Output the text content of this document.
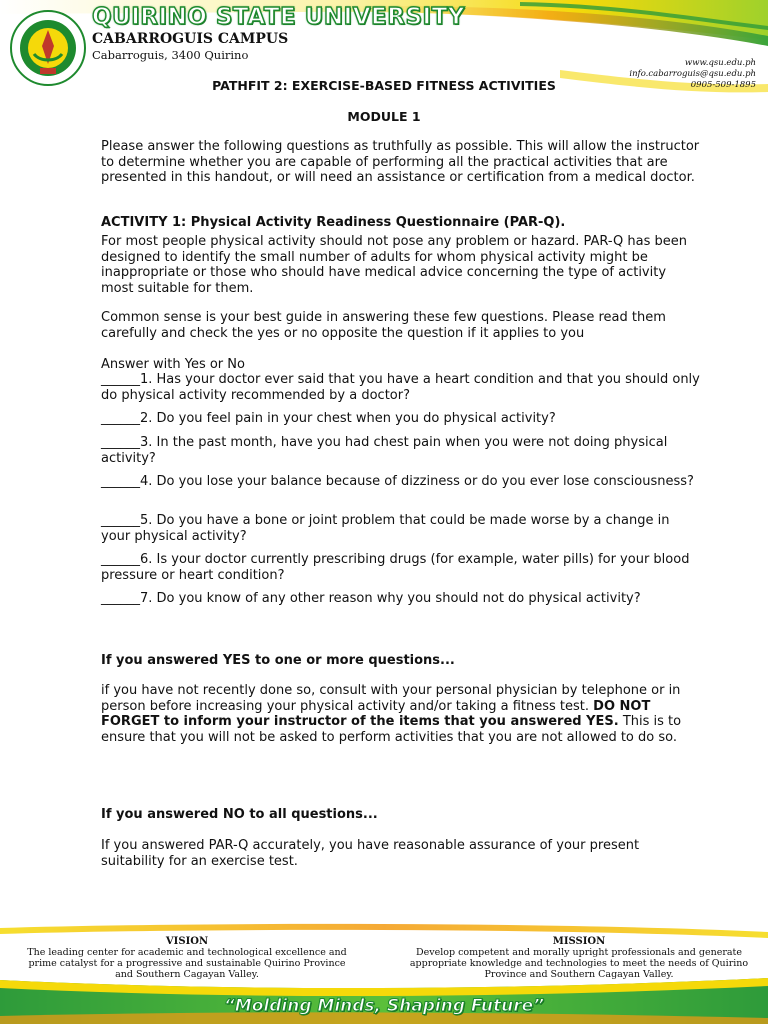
QUIRINO STATE UNIVERSITY
CABARROGUIS CAMPUS
Cabarroguis, 3400 Quirino
www.qsu.edu.ph
info.cabarroguis@qsu.edu.ph
0905-509-1895
PATHFIT 2: EXERCISE-BASED FITNESS ACTIVITIES
MODULE 1

Please answer the following questions as truthfully as possible. This will allow the instructor to determine whether you are capable of performing all the practical activities that are presented in this handout, or will need an assistance or certification from a medical doctor.

ACTIVITY 1: Physical Activity Readiness Questionnaire (PAR-Q).

For most people physical activity should not pose any problem or hazard. PAR-Q has been designed to identify the small number of adults for whom physical activity might be inappropriate or those who should have medical advice concerning the type of activity most suitable for them.

Common sense is your best guide in answering these few questions. Please read them carefully and check the yes or no opposite the question if it applies to you

Answer with Yes or No

______1. Has your doctor ever said that you have a heart condition and that you should only do physical activity recommended by a doctor?
______2. Do you feel pain in your chest when you do physical activity?
______3. In the past month, have you had chest pain when you were not doing physical activity?
______4. Do you lose your balance because of dizziness or do you ever lose consciousness?
______5. Do you have a bone or joint problem that could be made worse by a change in your physical activity?
______6. Is your doctor currently prescribing drugs (for example, water pills) for your blood pressure or heart condition?
______7. Do you know of any other reason why you should not do physical activity?

If you answered YES to one or more questions...

if you have not recently done so, consult with your personal physician by telephone or in person before increasing your physical activity and/or taking a fitness test. DO NOT FORGET to inform your instructor of the items that you answered YES. This is to ensure that you will not be asked to perform activities that you are not allowed to do so.

If you answered NO to all questions...

If you answered PAR-Q accurately, you have reasonable assurance of your present suitability for an exercise test.

VISION
The leading center for academic and technological excellence and prime catalyst for a progressive and sustainable Quirino Province and Southern Cagayan Valley.
MISSION
Develop competent and morally upright professionals and generate appropriate knowledge and technologies to meet the needs of Quirino Province and Southern Cagayan Valley.
“Molding Minds, Shaping Future”
